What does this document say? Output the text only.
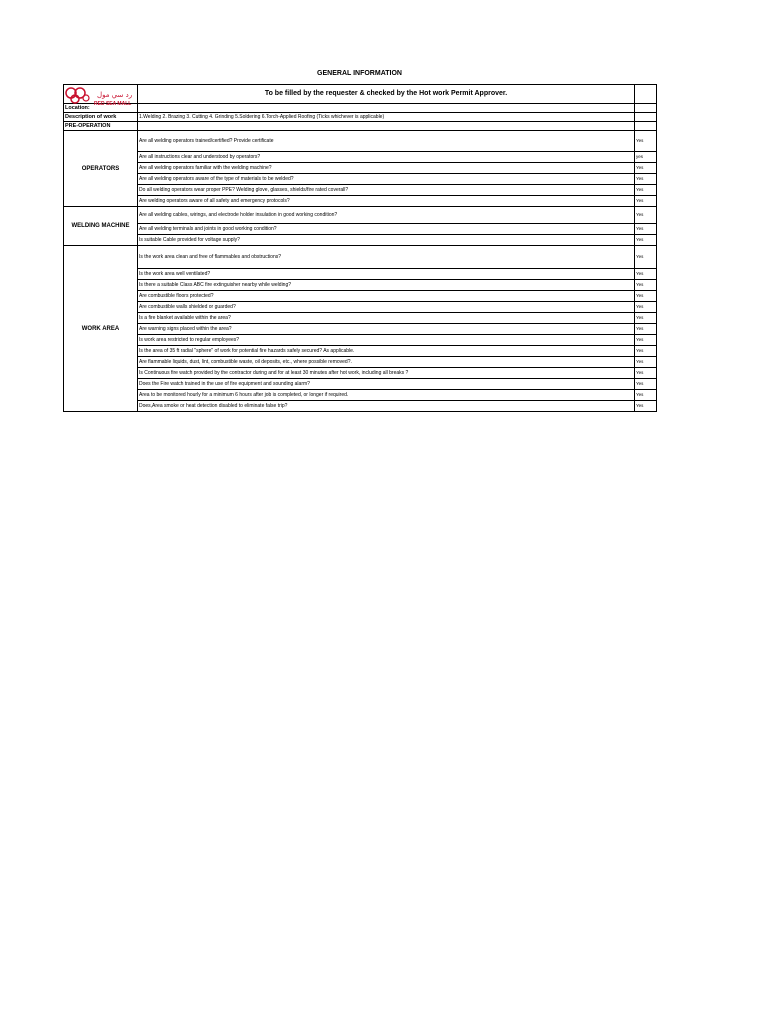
GENERAL INFORMATION
رد سي مول
RED SEA MALL	To be filled by the requester & checked by the Hot work Permit Approver.	
Location:		
Description of work	1.Welding 2. Brazing 3. Cutting 4. Grinding 5.Soldering 6.Torch-Applied Roofing (Ticks whichever is applicable)	
PRE-OPERATION		
OPERATORS	Are all welding operators trained/certified? Provide certificate	Yes
	Are all instructions clear and understood by operators?	yes
	Are all welding operators familiar with the welding machine?	Yes
	Are all welding operators aware of the type of materials to be welded?	Yes
	Do all welding operators wear proper PPE? Welding glove, glasses, shields/fire rated coverall?	Yes
	Are welding operators aware of all safety and emergency protocols?	Yes
WELDING MACHINE	Are all welding cables, wirings, and electrode holder insulation in good working condition?	Yes
	Are all welding terminals and joints in good working condition?	Yes
	Is suitable Cable provided for voltage supply?	Yes
WORK AREA	Is the work area clean and free of flammables and obstructions?	Yes
	Is the work area well ventilated?	Yes
	Is there a suitable Class ABC fire extinguisher nearby while welding?	Yes
	Are combustible floors protected?	Yes
	Are combustible walls shielded or guarded?	Yes
	Is a fire blanket available within the area?	Yes
	Are warning signs placed within the area?	Yes
	Is work area restricted to regular employees?	Yes
	Is the area of 35 ft radial "sphere" of work for potential fire hazards safely secured? As applicable.	Yes
	Are flammable liquids, dust, lint, combustible waste, oil deposits, etc., where possible removed?.	Yes
	Is Continuous fire watch provided by the contractor during and for at least 30 minutes after hot work, including all breaks ?	Yes
	Does the Fire watch trained in the use of fire equipment and sounding alarm?	Yes
	Area to be monitored hourly for a minimum 6 hours after job is completed, or longer if required.	Yes
	Does,Area smoke or heat detection disabled to eliminate false trip?	Yes
